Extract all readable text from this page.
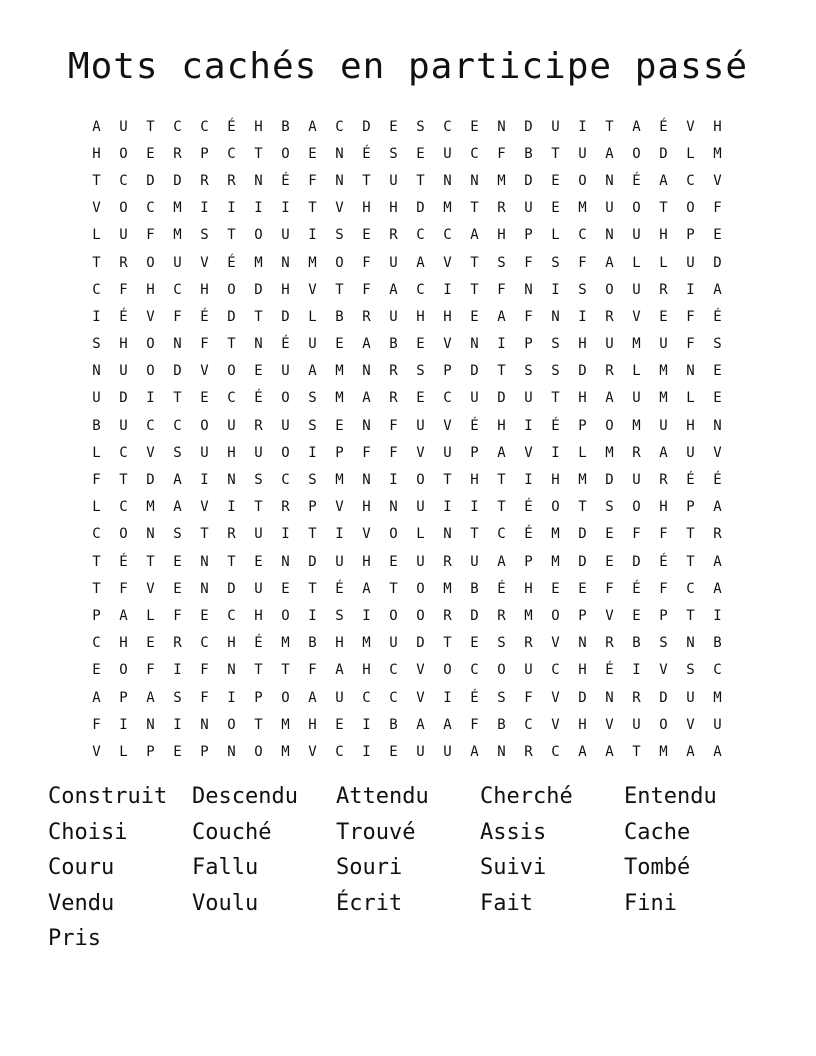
Mots cachés en participe passé
A	U	T	C	C	É	H	B	A	C	D	E	S	C	E	N	D	U	I	T	A	É	V	H
H	O	E	R	P	C	T	O	E	N	É	S	E	U	C	F	B	T	U	A	O	D	L	M
T	C	D	D	R	R	N	É	F	N	T	U	T	N	N	M	D	E	O	N	É	A	C	V
V	O	C	M	I	I	I	I	T	V	H	H	D	M	T	R	U	E	M	U	O	T	O	F
L	U	F	M	S	T	O	U	I	S	E	R	C	C	A	H	P	L	C	N	U	H	P	E
T	R	O	U	V	É	M	N	M	O	F	U	A	V	T	S	F	S	F	A	L	L	U	D
C	F	H	C	H	O	D	H	V	T	F	A	C	I	T	F	N	I	S	O	U	R	I	A
I	É	V	F	É	D	T	D	L	B	R	U	H	H	E	A	F	N	I	R	V	E	F	É
S	H	O	N	F	T	N	É	U	E	A	B	E	V	N	I	P	S	H	U	M	U	F	S
N	U	O	D	V	O	E	U	A	M	N	R	S	P	D	T	S	S	D	R	L	M	N	E
U	D	I	T	E	C	É	O	S	M	A	R	E	C	U	D	U	T	H	A	U	M	L	E
B	U	C	C	O	U	R	U	S	E	N	F	U	V	É	H	I	É	P	O	M	U	H	N
L	C	V	S	U	H	U	O	I	P	F	F	V	U	P	A	V	I	L	M	R	A	U	V
F	T	D	A	I	N	S	C	S	M	N	I	O	T	H	T	I	H	M	D	U	R	É	É
L	C	M	A	V	I	T	R	P	V	H	N	U	I	I	T	É	O	T	S	O	H	P	A
C	O	N	S	T	R	U	I	T	I	V	O	L	N	T	C	É	M	D	E	F	F	T	R
T	É	T	E	N	T	E	N	D	U	H	E	U	R	U	A	P	M	D	E	D	É	T	A
T	F	V	E	N	D	U	E	T	É	A	T	O	M	B	É	H	E	E	F	É	F	C	A
P	A	L	F	E	C	H	O	I	S	I	O	O	R	D	R	M	O	P	V	E	P	T	I
C	H	E	R	C	H	É	M	B	H	M	U	D	T	E	S	R	V	N	R	B	S	N	B
E	O	F	I	F	N	T	T	F	A	H	C	V	O	C	O	U	C	H	É	I	V	S	C
A	P	A	S	F	I	P	O	A	U	C	C	V	I	É	S	F	V	D	N	R	D	U	M
F	I	N	I	N	O	T	M	H	E	I	B	A	A	F	B	C	V	H	V	U	O	V	U
V	L	P	E	P	N	O	M	V	C	I	E	U	U	A	N	R	C	A	A	T	M	A	A
Construit	Descendu	Attendu	Cherché	Entendu
Choisi	Couché	Trouvé	Assis	Cache
Couru	Fallu	Souri	Suivi	Tombé
Vendu	Voulu	Écrit	Fait	Fini
Pris
